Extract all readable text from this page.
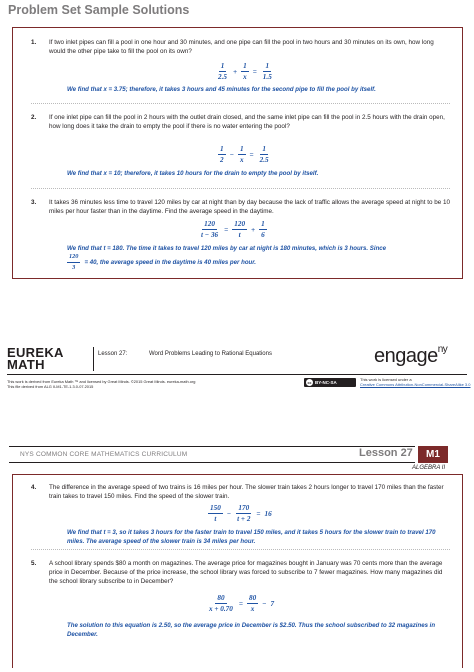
Problem Set Sample Solutions
1.	If two inlet pipes can fill a pool in one hour and 30 minutes, and one pipe can fill the pool in two hours and 30 minutes on its own, how long would the other pipe take to fill the pool on its own?
$\frac{1}{2.5} + \frac{1}{x} = \frac{1}{1.5}$
We find that x = 3.75; therefore, it takes 3 hours and 45 minutes for the second pipe to fill the pool by itself.
2.	If one inlet pipe can fill the pool in 2 hours with the outlet drain closed, and the same inlet pipe can fill the pool in 2.5 hours with the drain open, how long does it take the drain to empty the pool if there is no water entering the pool?
$\frac{1}{2} - \frac{1}{x} = \frac{1}{2.5}$
We find that x = 10; therefore, it takes 10 hours for the drain to empty the pool by itself.
3.	It takes 36 minutes less time to travel 120 miles by car at night than by day because the lack of traffic allows the average speed at night to be 10 miles per hour faster than in the daytime. Find the average speed in the daytime.
$\frac{120}{t - 36} = \frac{120}{t} + \frac{1}{6}$
We find that t = 180. The time it takes to travel 120 miles by car at night is 180 minutes, which is 3 hours. Since
$\frac{120}{3} = 40$, the average speed in the daytime is 40 miles per hour.
EUREKA
MATH
Lesson 27:	Word Problems Leading to Rational Equations	engage$^{ny}$
This work is derived from Eureka Math ™ and licensed by Great Minds. ©2015 Great Minds. eureka-math.org
This file derived from ALG II-M1-TE-1.3.0-07.2015
cc BY-NC-SA
This work is licensed under a
Creative Commons Attribution-NonCommercial-ShareAlike 3.0
NYS COMMON CORE MATHEMATICS CURRICULUM	Lesson 27	M1
ALGEBRA II
4.	The difference in the average speed of two trains is 16 miles per hour. The slower train takes 2 hours longer to travel 170 miles than the faster train takes to travel 150 miles. Find the speed of the slower train.
$\frac{150}{t} - \frac{170}{t + 2} = 16$
We find that t = 3, so it takes 3 hours for the faster train to travel 150 miles, and it takes 5 hours for the slower train to travel 170 miles. The average speed of the slower train is 34 miles per hour.
5.	A school library spends $80 a month on magazines. The average price for magazines bought in January was 70 cents more than the average price in December. Because of the price increase, the school library was forced to subscribe to 7 fewer magazines. How many magazines did the school library subscribe to in December?
$\frac{80}{x + 0.70} = \frac{80}{x} - 7$
The solution to this equation is 2.50, so the average price in December is $2.50. Thus the school subscribed to 32 magazines in December.
